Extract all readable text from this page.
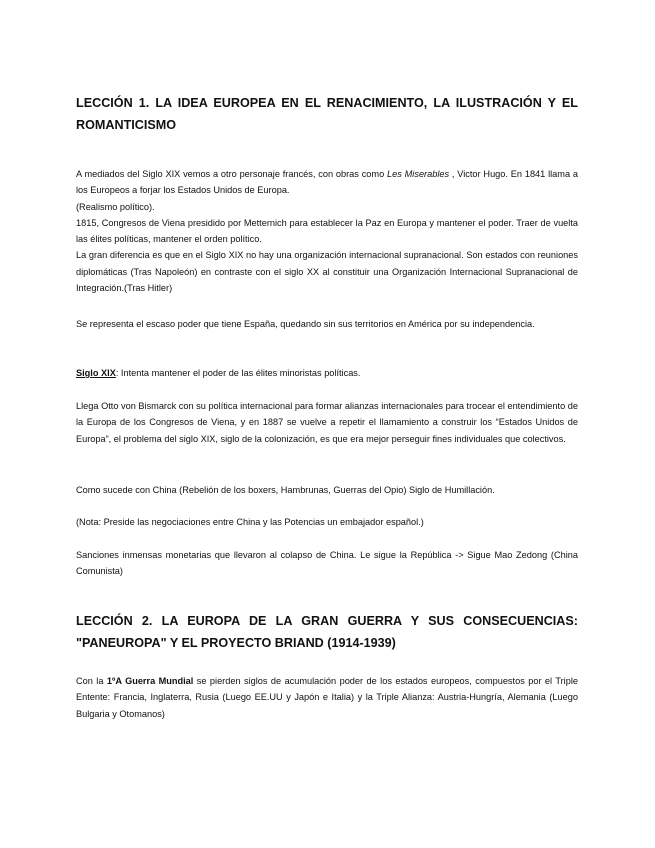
LECCIÓN 1. LA IDEA EUROPEA EN EL RENACIMIENTO, LA ILUSTRACIÓN Y EL ROMANTICISMO

A mediados del Siglo XIX vemos a otro personaje francés, con obras como Les Miserables , Victor Hugo. En 1841 llama a los Europeos a forjar los Estados Unidos de Europa.

(Realismo político).

1815, Congresos de Viena presidido por Metternich para establecer la Paz en Europa y mantener el poder. Traer de vuelta las élites políticas, mantener el orden político.

La gran diferencia es que en el Siglo XIX no hay una organización internacional supranacional. Son estados con reuniones diplomáticas (Tras Napoleón) en contraste con el siglo XX al constituir una Organización Internacional Supranacional de Integración.(Tras Hitler)

Se representa el escaso poder que tiene España, quedando sin sus territorios en América por su independencia.

Siglo XIX: Intenta mantener el poder de las élites minoristas políticas.

Llega Otto von Bismarck con su política internacional para formar alianzas internacionales para trocear el entendimiento de la Europa de los Congresos de Viena, y en 1887 se vuelve a repetir el llamamiento a construir los “Estados Unidos de Europa”, el problema del siglo XIX, siglo de la colonización, es que era mejor perseguir fines individuales que colectivos.

Como sucede con China (Rebelión de los boxers, Hambrunas, Guerras del Opio) Siglo de Humillación.

(Nota: Preside las negociaciones entre China y las Potencias un embajador español.)

Sanciones inmensas monetarias que llevaron al colapso de China. Le sigue la República -> Sigue Mao Zedong (China Comunista)

LECCIÓN 2. LA EUROPA DE LA GRAN GUERRA Y SUS CONSECUENCIAS: "PANEUROPA" Y EL PROYECTO BRIAND (1914-1939)

Con la 1ºA Guerra Mundial se pierden siglos de acumulación poder de los estados europeos, compuestos por el Triple Entente: Francia, Inglaterra, Rusia (Luego EE.UU y Japón e Italia) y la Triple Alianza: Austria-Hungría, Alemania (Luego Bulgaria y Otomanos)
